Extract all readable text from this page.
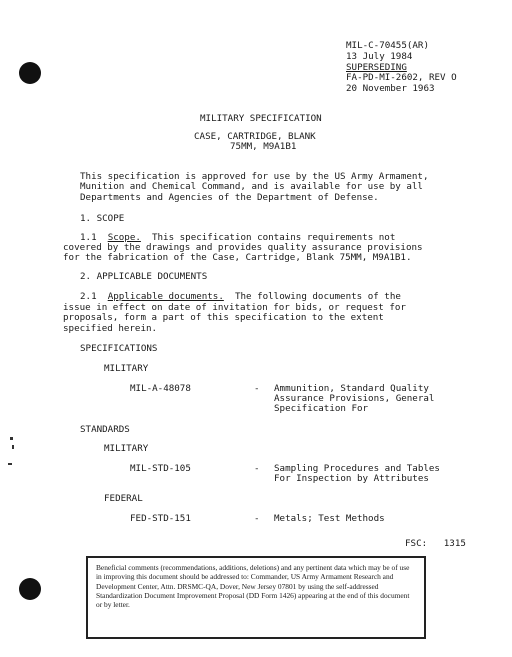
MIL-C-70455(AR)
13 July 1984
SUPERSEDING
FA-PD-MI-2602, REV O
20 November 1963
MILITARY SPECIFICATION
CASE, CARTRIDGE, BLANK
75MM, M9A1B1
This specification is approved for use by the US Army Armament,
Munition and Chemical Command, and is available for use by all
Departments and Agencies of the Department of Defense.
1. SCOPE
1.1 Scope. This specification contains requirements not
covered by the drawings and provides quality assurance provisions
for the fabrication of the Case, Cartridge, Blank 75MM, M9A1B1.
2. APPLICABLE DOCUMENTS
2.1 Applicable documents. The following documents of the
issue in effect on date of invitation for bids, or request for
proposals, form a part of this specification to the extent
specified herein.
SPECIFICATIONS
MILITARY
MIL-A-48078	- Ammunition, Standard Quality
Assurance Provisions, General
Specification For
STANDARDS
MILITARY
MIL-STD-105	- Sampling Procedures and Tables
For Inspection by Attributes
FEDERAL
FED-STD-151	- Metals; Test Methods
FSC: 1315
Beneficial comments (recommendations, additions, deletions) and any pertinent data which may be of use in improving this document should be addressed to: Commander, US Army Armament Research and Development Center, Attn. DRSMC-QA, Dover, New Jersey 07801 by using the self-addressed Standardization Document Improvement Proposal (DD Form 1426) appearing at the end of this document or by letter.
